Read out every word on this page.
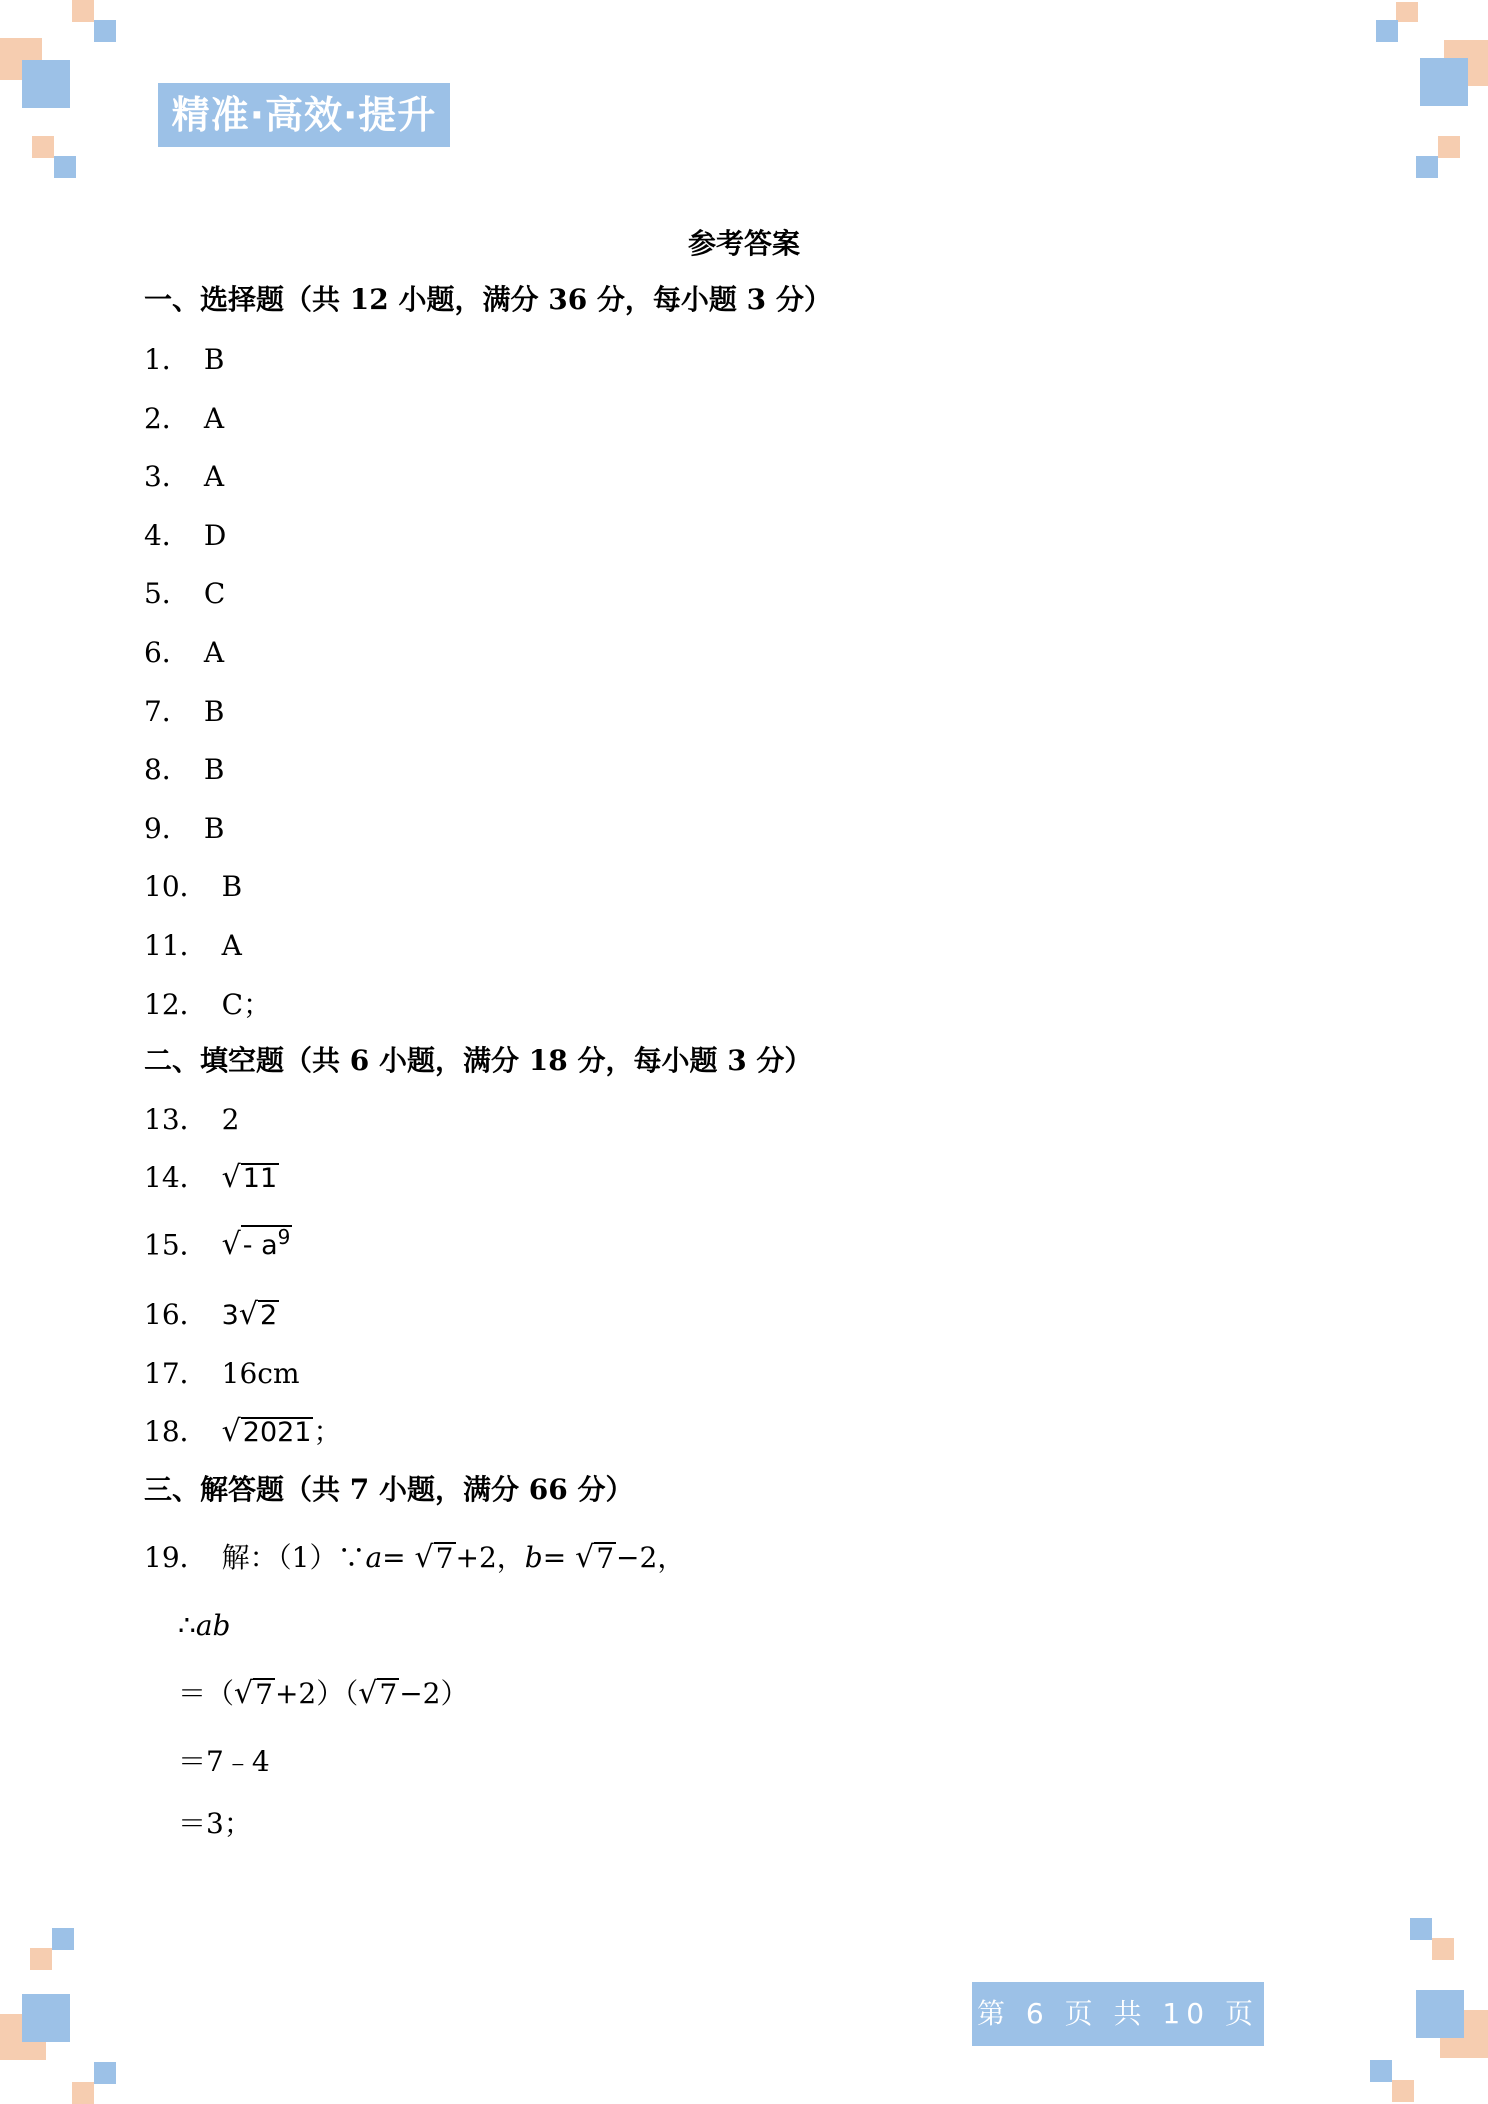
精准·高效·提升
参考答案
一、选择题（共 12 小题，满分 36 分，每小题 3 分）
1． B
2． A
3． A
4． D
5． C
6． A
7． B
8． B
9． B
10． B
11． A
12． C；
二、填空题（共 6 小题，满分 18 分，每小题 3 分）
13． 2
14． √ 11
15． √ - $a^9$
16． 3 √ 2
17． 16cm
18． √ 2021 ；
三、解答题（共 7 小题，满分 66 分）
19． 解：（1）∵a= √ 7 +2，b= √ 7 −2，
∴ab
＝（ √ 7 +2）（ √ 7 −2）
＝7﹣4
＝3；
第 6 页 共 10 页
